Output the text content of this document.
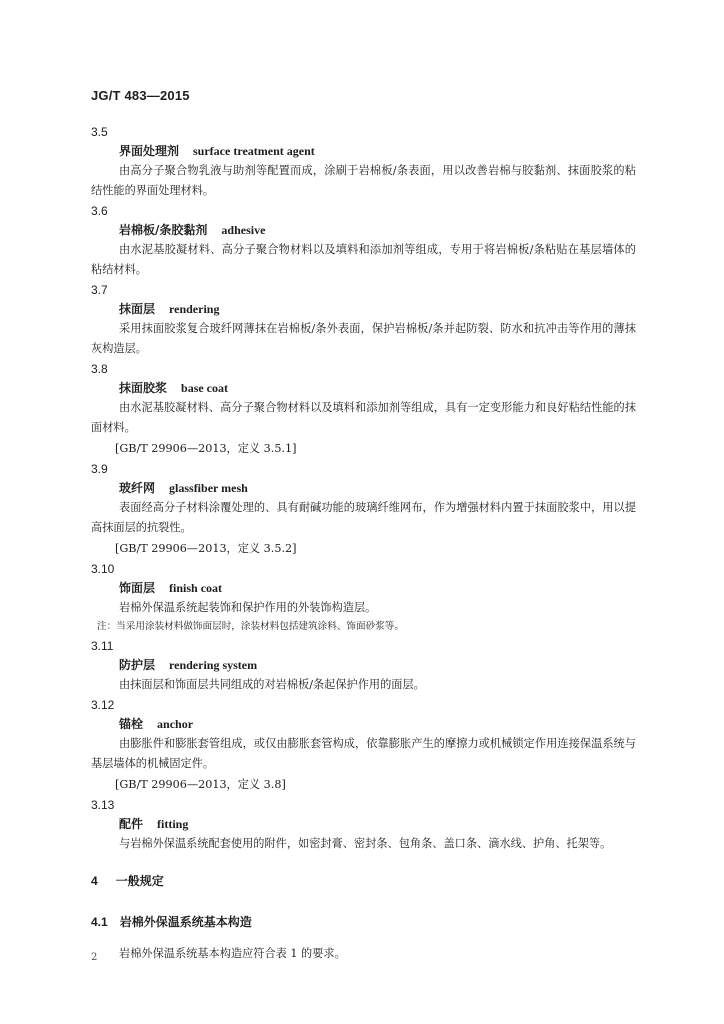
JG/T 483—2015
3.5
界面处理剂 surface treatment agent
由高分子聚合物乳液与助剂等配置而成，涂刷于岩棉板/条表面，用以改善岩棉与胶黏剂、抹面胶浆的粘结性能的界面处理材料。
3.6
岩棉板/条胶黏剂 adhesive
由水泥基胶凝材料、高分子聚合物材料以及填料和添加剂等组成，专用于将岩棉板/条粘贴在基层墙体的粘结材料。
3.7
抹面层 rendering
采用抹面胶浆复合玻纤网薄抹在岩棉板/条外表面，保护岩棉板/条并起防裂、防水和抗冲击等作用的薄抹灰构造层。
3.8
抹面胶浆 base coat
由水泥基胶凝材料、高分子聚合物材料以及填料和添加剂等组成，具有一定变形能力和良好粘结性能的抹面材料。
[GB/T 29906—2013，定义 3.5.1]
3.9
玻纤网 glassfiber mesh
表面经高分子材料涂覆处理的、具有耐碱功能的玻璃纤维网布，作为增强材料内置于抹面胶浆中，用以提高抹面层的抗裂性。
[GB/T 29906—2013，定义 3.5.2]
3.10
饰面层 finish coat
岩棉外保温系统起装饰和保护作用的外装饰构造层。
注：当采用涂装材料做饰面层时，涂装材料包括建筑涂料、饰面砂浆等。
3.11
防护层 rendering system
由抹面层和饰面层共同组成的对岩棉板/条起保护作用的面层。
3.12
锚栓 anchor
由膨胀件和膨胀套管组成，或仅由膨胀套管构成，依靠膨胀产生的摩擦力或机械锁定作用连接保温系统与基层墙体的机械固定件。
[GB/T 29906—2013，定义 3.8]
3.13
配件 fitting
与岩棉外保温系统配套使用的附件，如密封膏、密封条、包角条、盖口条、滴水线、护角、托架等。
4 一般规定
4.1 岩棉外保温系统基本构造
岩棉外保温系统基本构造应符合表 1 的要求。
2
